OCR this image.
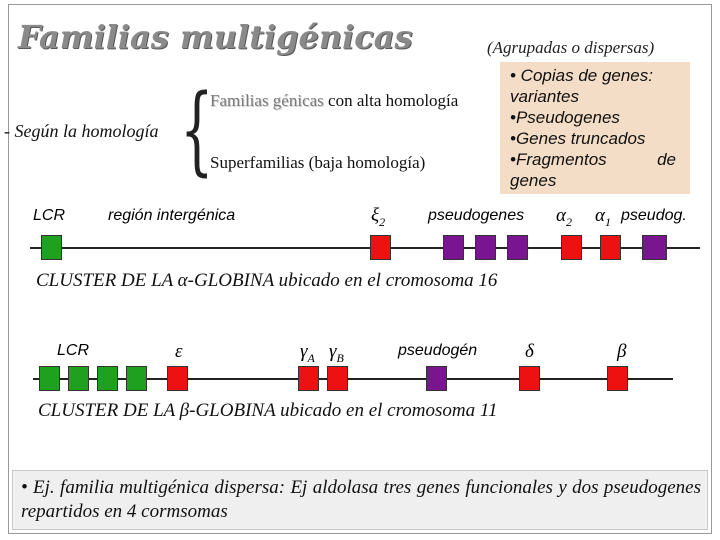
Familias multigénicas	(Agrupadas o dispersas)
- Según la homología {
Familias génicas con alta homología
Superfamilias (baja homología)
• Copias de genes:
variantes
•Pseudogenes
•Genes truncados
•Fragmentos	de
genes
LCR	región intergénica	$\xi_2$	pseudogenes $\alpha_2$ $\alpha_1$ pseudog.
CLUSTER DE LA α-GLOBINA ubicado en el cromosoma 16
LCR	ε	$\gamma_A$ $\gamma_B$	pseudogén	δ	β
CLUSTER DE LA β-GLOBINA ubicado en el cromosoma 11
• Ej. familia multigénica dispersa: Ej aldolasa tres genes funcionales y dos pseudogenes repartidos en 4 cormsomas
